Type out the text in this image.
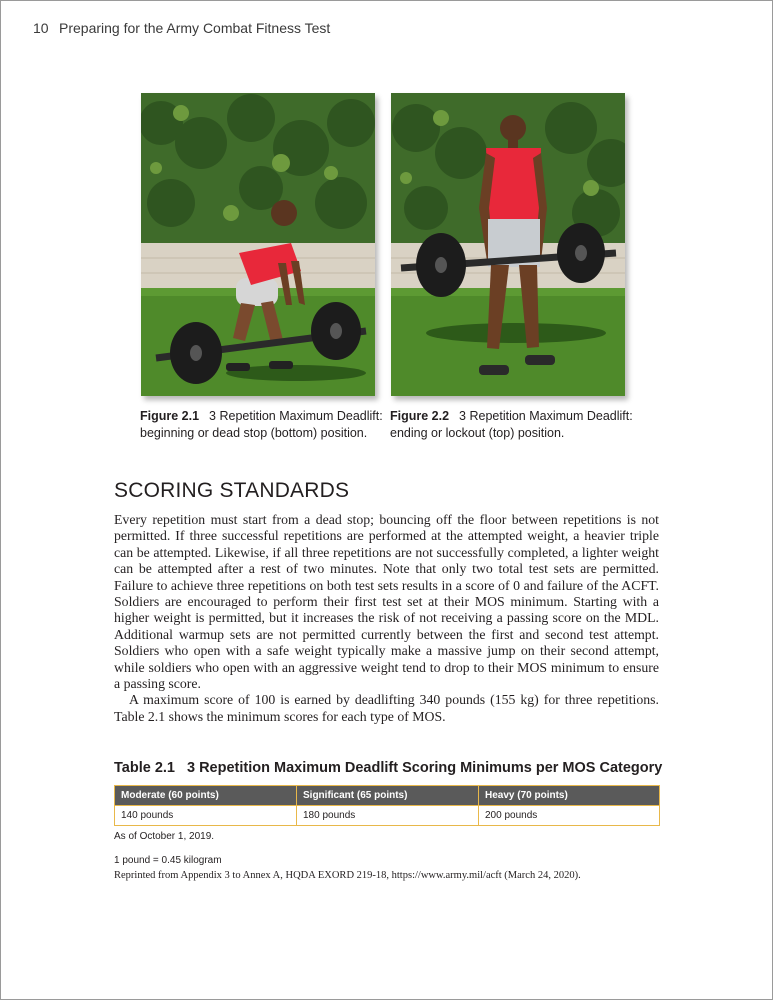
10 Preparing for the Army Combat Fitness Test
Figure 2.1 3 Repetition Maximum Deadlift: beginning or dead stop (bottom) position.
Figure 2.2 3 Repetition Maximum Deadlift: ending or lockout (top) position.
SCORING STANDARDS

Every repetition must start from a dead stop; bouncing off the floor between repetitions is not permitted. If three successful repetitions are performed at the attempted weight, a heavier triple can be attempted. Likewise, if all three repetitions are not successfully completed, a lighter weight can be attempted after a rest of two minutes. Note that only two total test sets are permitted. Failure to achieve three repetitions on both test sets results in a score of 0 and failure of the ACFT. Soldiers are encouraged to perform their first test set at their MOS minimum. Starting with a higher weight is permitted, but it increases the risk of not receiving a passing score on the MDL. Additional warmup sets are not permitted currently between the first and second test attempt. Soldiers who open with a safe weight typically make a massive jump on their second attempt, while soldiers who open with an aggressive weight tend to drop to their MOS minimum to ensure a passing score.

A maximum score of 100 is earned by deadlifting 340 pounds (155 kg) for three repetitions. Table 2.1 shows the minimum scores for each type of MOS.

Table 2.1 3 Repetition Maximum Deadlift Scoring Minimums per MOS Category
Moderate (60 points)	Significant (65 points)	Heavy (70 points)
140 pounds	180 pounds	200 pounds
As of October 1, 2019.
1 pound = 0.45 kilogram
Reprinted from Appendix 3 to Annex A, HQDA EXORD 219-18, https://www.army.mil/acft (March 24, 2020).
